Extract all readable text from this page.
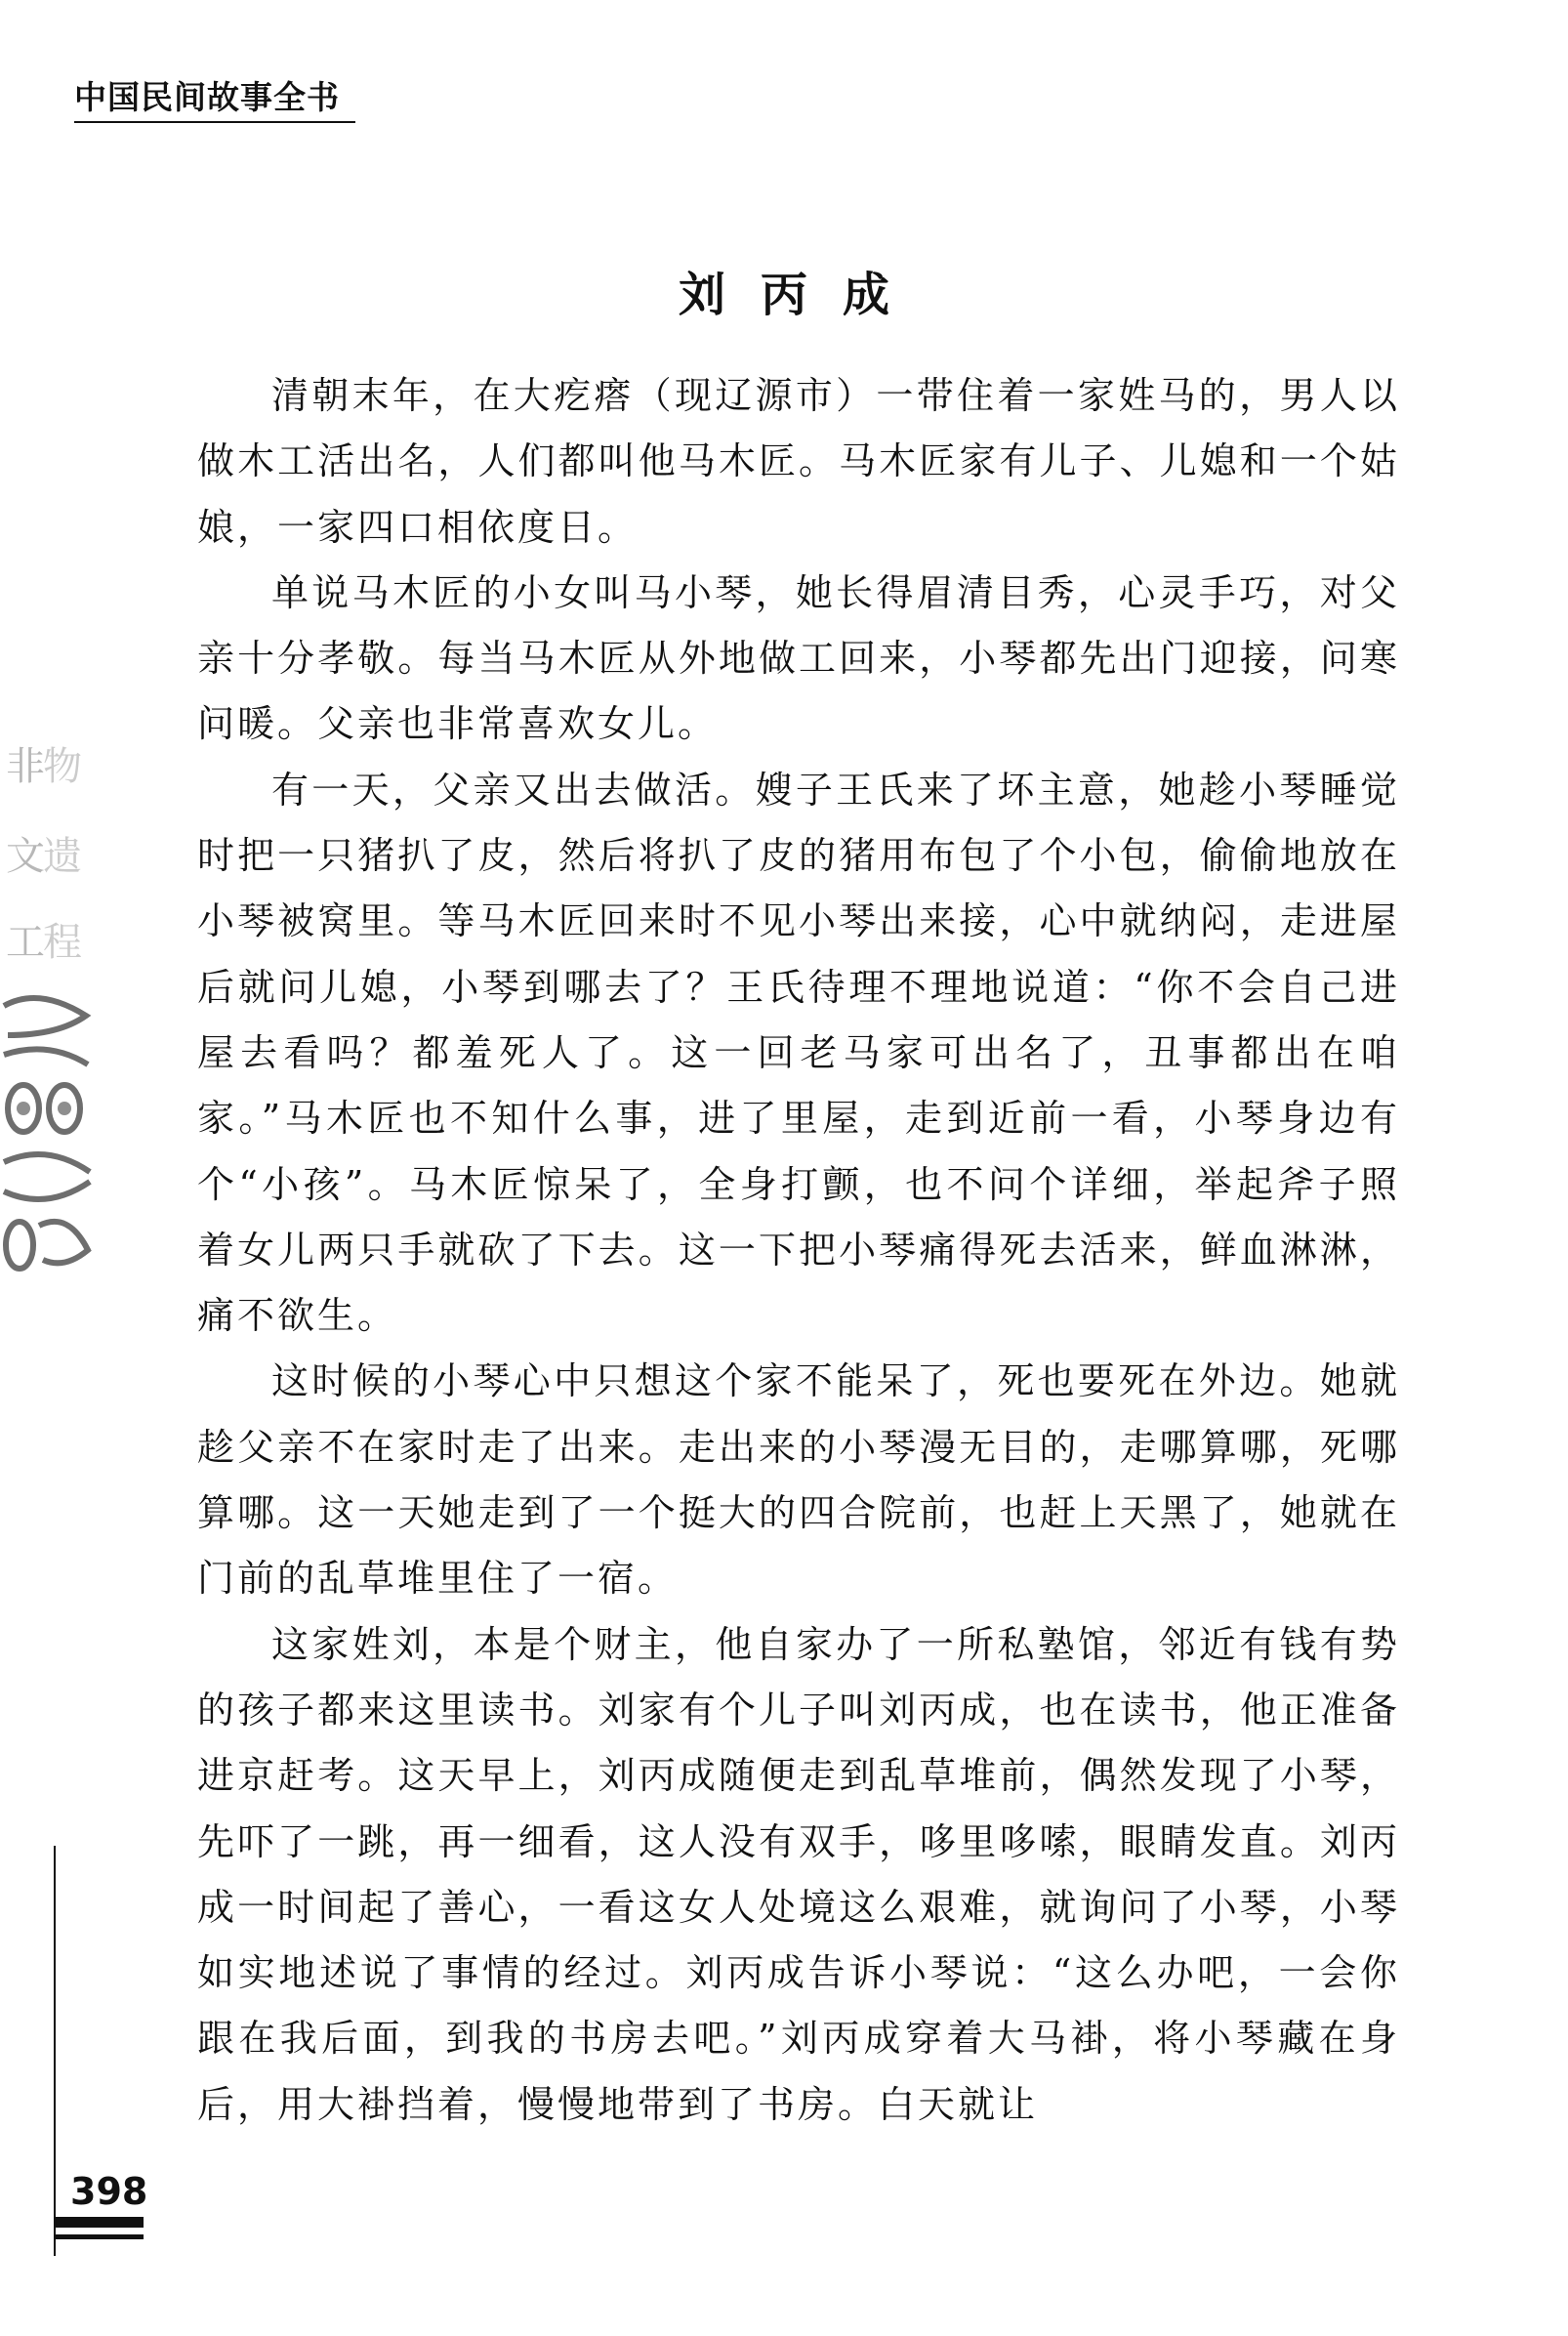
中国民间故事全书
刘丙成

清朝末年，在大疙瘩（现辽源市）一带住着一家姓马的，男人以做木工活出名，人们都叫他马木匠。马木匠家有儿子、儿媳和一个姑娘，一家四口相依度日。

单说马木匠的小女叫马小琴，她长得眉清目秀，心灵手巧，对父亲十分孝敬。每当马木匠从外地做工回来，小琴都先出门迎接，问寒问暖。父亲也非常喜欢女儿。

有一天，父亲又出去做活。嫂子王氏来了坏主意，她趁小琴睡觉时把一只猪扒了皮，然后将扒了皮的猪用布包了个小包，偷偷地放在小琴被窝里。等马木匠回来时不见小琴出来接，心中就纳闷，走进屋后就问儿媳，小琴到哪去了？王氏待理不理地说道：“你不会自己进屋去看吗？都羞死人了。这一回老马家可出名了，丑事都出在咱家。”马木匠也不知什么事，进了里屋，走到近前一看，小琴身边有个“小孩”。马木匠惊呆了，全身打颤，也不问个详细，举起斧子照着女儿两只手就砍了下去。这一下把小琴痛得死去活来，鲜血淋淋，痛不欲生。

这时候的小琴心中只想这个家不能呆了，死也要死在外边。她就趁父亲不在家时走了出来。走出来的小琴漫无目的，走哪算哪，死哪算哪。这一天她走到了一个挺大的四合院前，也赶上天黑了，她就在门前的乱草堆里住了一宿。

这家姓刘，本是个财主，他自家办了一所私塾馆，邻近有钱有势的孩子都来这里读书。刘家有个儿子叫刘丙成，也在读书，他正准备进京赶考。这天早上，刘丙成随便走到乱草堆前，偶然发现了小琴，先吓了一跳，再一细看，这人没有双手，哆里哆嗦，眼睛发直。刘丙成一时间起了善心，一看这女人处境这么艰难，就询问了小琴，小琴如实地述说了事情的经过。刘丙成告诉小琴说：“这么办吧，一会你跟在我后面，到我的书房去吧。”刘丙成穿着大马褂，将小琴藏在身后，用大褂挡着，慢慢地带到了书房。白天就让

非
物
文
遗
工
程
398
